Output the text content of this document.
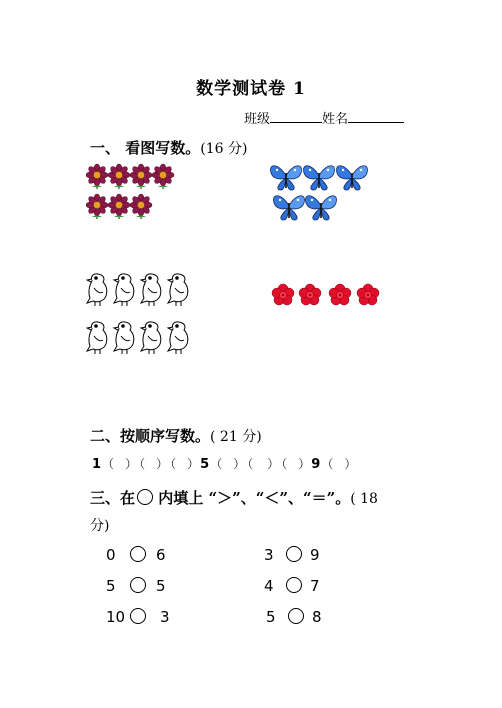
数学测试卷 1
班级	姓名
一、 看图写数。(16 分)
二、按顺序写数。( 21 分)
1（ ） （ ） （ ）5（ ） （ ） （ ）9（ ）
三、在 内填上 “＞”、“＜”、“＝”。( 18
分)
0	6	3 9
5	5	4 7
10 3	5 8
